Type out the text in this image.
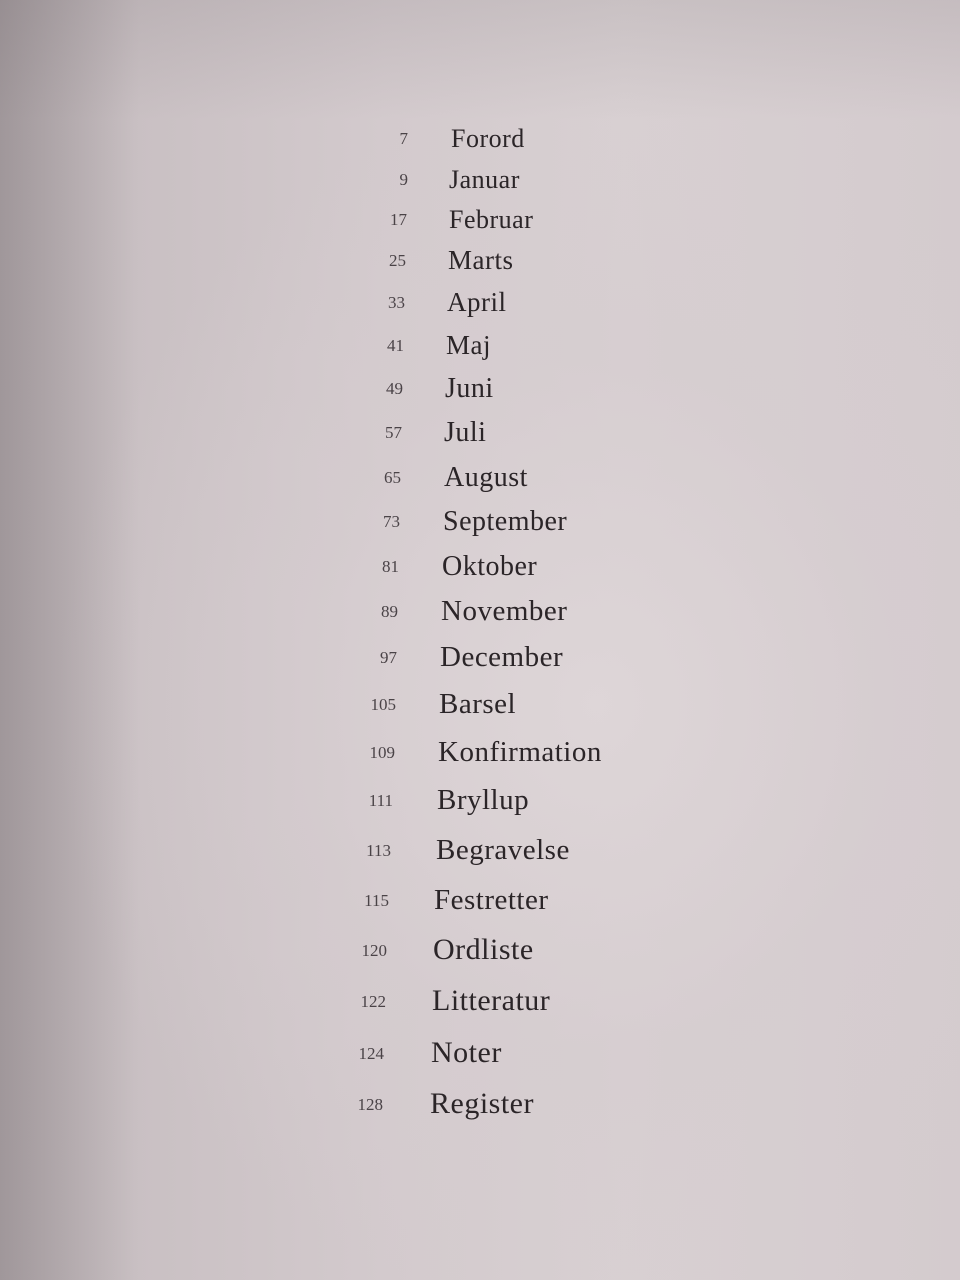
7 Forord
9 Januar
17 Februar
25 Marts
33 April
41 Maj
49 Juni
57 Juli
65 August
73 September
81 Oktober
89 November
97 December
105 Barsel
109 Konfirmation
111 Bryllup
113 Begravelse
115 Festretter
120 Ordliste
122 Litteratur
124 Noter
128 Register
